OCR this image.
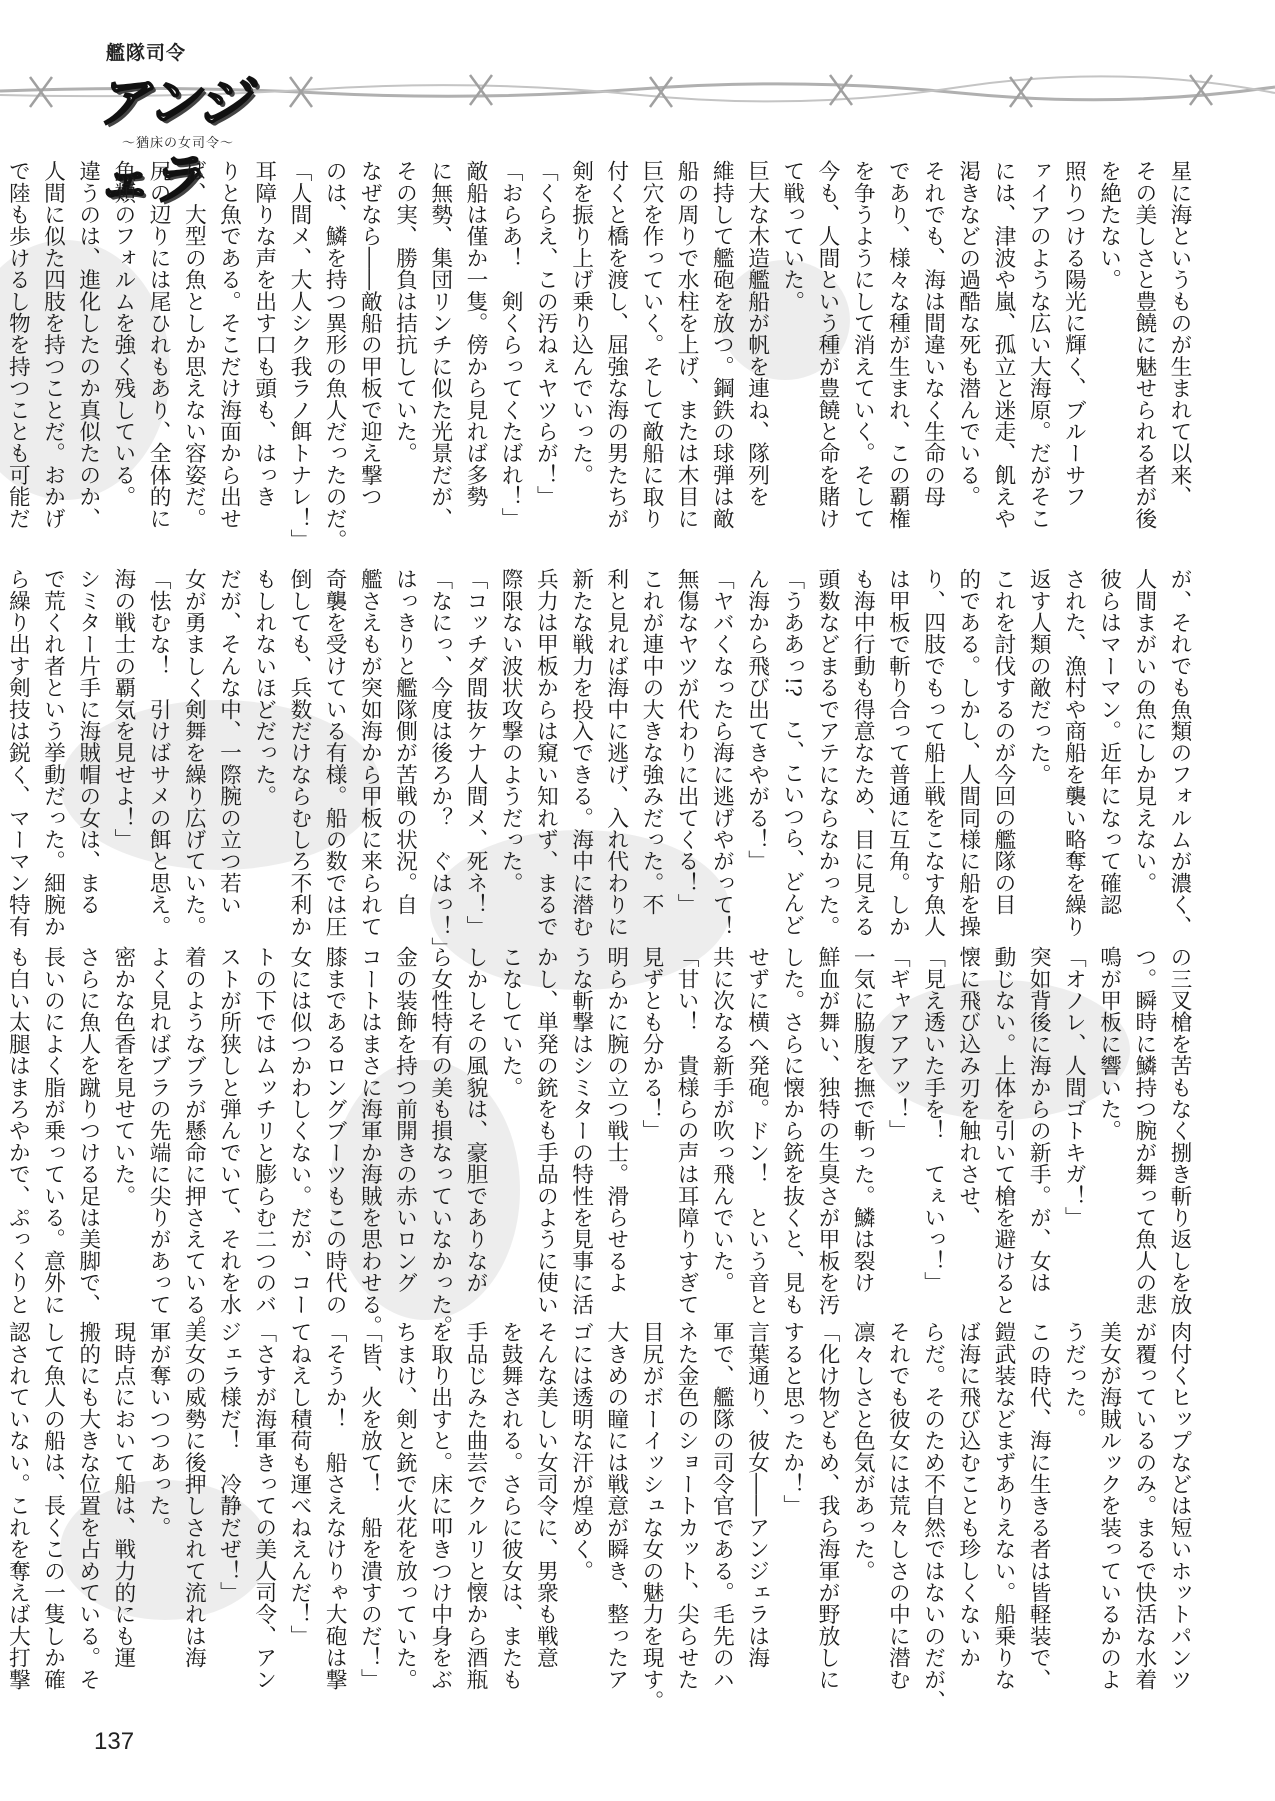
艦隊司令
アンジェラ
〜猶床の女司令〜
星に海というものが生まれて以来、
その美しさと豊饒に魅せられる者が後
を絶たない。
照りつける陽光に輝く、ブルーサフ
ァイアのような広い大海原。だがそこ
には、津波や嵐、孤立と迷走、飢えや
渇きなどの過酷な死も潜んでいる。
それでも、海は間違いなく生命の母
であり、様々な種が生まれ、この覇権
を争うようにして消えていく。そして
今も、人間という種が豊饒と命を賭け
て戦っていた。
巨大な木造艦船が帆を連ね、隊列を
維持して艦砲を放つ。鋼鉄の球弾は敵
船の周りで水柱を上げ、または木目に
巨穴を作っていく。そして敵船に取り
付くと橋を渡し、屈強な海の男たちが
剣を振り上げ乗り込んでいった。
「くらえ、この汚ねぇヤツらが！」
「おらあ！　剣くらってくたばれ！」
敵船は僅か一隻。傍から見れば多勢
に無勢、集団リンチに似た光景だが、
その実、勝負は拮抗していた。
なぜなら――敵船の甲板で迎え撃つ
のは、鱗を持つ異形の魚人だったのだ。
「人間メ、大人シク我ラノ餌トナレ！」
耳障りな声を出す口も頭も、はっき
りと魚である。そこだけ海面から出せ
ば、大型の魚としか思えない容姿だ。
尻の辺りには尾ひれもあり、全体的に
魚類のフォルムを強く残している。
違うのは、進化したのか真似たのか、
人間に似た四肢を持つことだ。おかげ
で陸も歩けるし物を持つことも可能だ
が、それでも魚類のフォルムが濃く、
人間まがいの魚にしか見えない。
彼らはマーマン。近年になって確認
された、漁村や商船を襲い略奪を繰り
返す人類の敵だった。
これを討伐するのが今回の艦隊の目
的である。しかし、人間同様に船を操
り、四肢でもって船上戦をこなす魚人
は甲板で斬り合って普通に互角。しか
も海中行動も得意なため、目に見える
頭数などまるでアテにならなかった。
「うああっ!?　こ、こいつら、どんど
ん海から飛び出てきやがる！」
「ヤバくなったら海に逃げやがって！
無傷なヤツが代わりに出てくる！」
これが連中の大きな強みだった。不
利と見れば海中に逃げ、入れ代わりに
新たな戦力を投入できる。海中に潜む
兵力は甲板からは窺い知れず、まるで
際限ない波状攻撃のようだった。
「コッチダ間抜ケナ人間メ、死ネ！」
「なにっ、今度は後ろか？　ぐはっ！」
はっきりと艦隊側が苦戦の状況。自
艦さえもが突如海から甲板に来られて
奇襲を受けている有様。船の数では圧
倒しても、兵数だけならむしろ不利か
もしれないほどだった。
だが、そんな中、一際腕の立つ若い
女が勇ましく剣舞を繰り広げていた。
「怯むな！　引けばサメの餌と思え。
海の戦士の覇気を見せよ！」
シミター片手に海賊帽の女は、まる
で荒くれ者という挙動だった。細腕か
ら繰り出す剣技は鋭く、マーマン特有
の三叉槍を苦もなく捌き斬り返しを放
つ。瞬時に鱗持つ腕が舞って魚人の悲
鳴が甲板に響いた。
「オノレ、人間ゴトキガ！」
突如背後に海からの新手。が、女は
動じない。上体を引いて槍を避けると
懐に飛び込み刃を触れさせ、
「見え透いた手を！　てぇいっ！」
「ギャアアアッ！」
一気に脇腹を撫で斬った。鱗は裂け
鮮血が舞い、独特の生臭さが甲板を汚
した。さらに懐から銃を抜くと、見も
せずに横へ発砲。ドン！　という音と
共に次なる新手が吹っ飛んでいた。
「甘い！　貴様らの声は耳障りすぎて
見ずとも分かる！」
明らかに腕の立つ戦士。滑らせるよ
うな斬撃はシミターの特性を見事に活
かし、単発の銃をも手品のように使い
こなしていた。
しかしその風貌は、豪胆でありなが
ら女性特有の美も損なっていなかった。
金の装飾を持つ前開きの赤いロング
コートはまさに海軍か海賊を思わせる。
膝まであるロングブーツもこの時代の
女には似つかわしくない。だが、コー
トの下ではムッチリと膨らむ二つのバ
ストが所狭しと弾んでいて、それを水
着のようなブラが懸命に押さえている。
よく見ればブラの先端に尖りがあって
密かな色香を見せていた。
さらに魚人を蹴りつける足は美脚で、
長いのによく脂が乗っている。意外に
も白い太腿はまろやかで、ぷっくりと
肉付くヒップなどは短いホットパンツ
が覆っているのみ。まるで快活な水着
美女が海賊ルックを装っているかのよ
うだった。
この時代、海に生きる者は皆軽装で、
鎧武装などまずありえない。船乗りな
ば海に飛び込むことも珍しくないか
らだ。そのため不自然ではないのだが、
それでも彼女には荒々しさの中に潜む
凛々しさと色気があった。
「化け物どもめ、我ら海軍が野放しに
すると思ったか！」
言葉通り、彼女――アンジェラは海
軍で、艦隊の司令官である。毛先のハ
ネた金色のショートカット、尖らせた
目尻がボーイッシュな女の魅力を現す。
大きめの瞳には戦意が瞬き、整ったア
ゴには透明な汗が煌めく。
そんな美しい女司令に、男衆も戦意
を鼓舞される。さらに彼女は、またも
手品じみた曲芸でクルリと懐から酒瓶
を取り出すと。床に叩きつけ中身をぶ
ちまけ、剣と銃で火花を放っていた。
「皆、火を放て！　船を潰すのだ！」
「そうか！　船さえなけりゃ大砲は撃
てねえし積荷も運べねえんだ！」
「さすが海軍きっての美人司令、アン
ジェラ様だ！　冷静だぜ！」
美女の威勢に後押しされて流れは海
軍が奪いつつあった。
現時点において船は、戦力的にも運
搬的にも大きな位置を占めている。そ
して魚人の船は、長くこの一隻しか確
認されていない。これを奪えば大打撃
137
